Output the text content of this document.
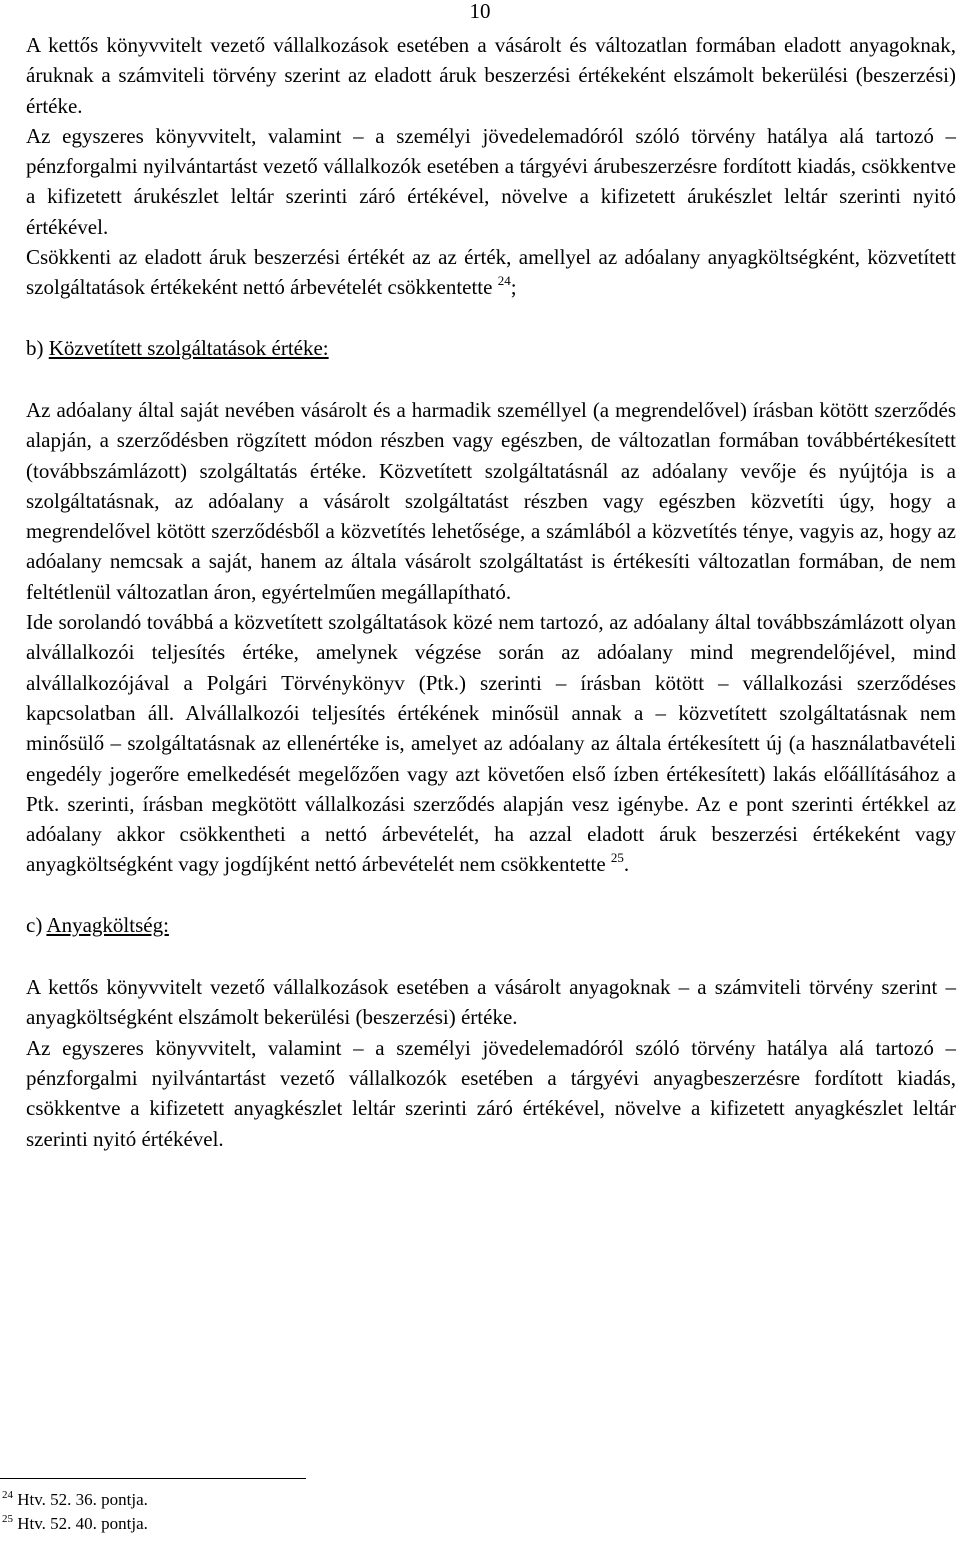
10

A kettős könyvvitelt vezető vállalkozások esetében a vásárolt és változatlan formában eladott anyagoknak, áruknak a számviteli törvény szerint az eladott áruk beszerzési értékeként elszámolt bekerülési (beszerzési) értéke.

Az egyszeres könyvvitelt, valamint – a személyi jövedelemadóról szóló törvény hatálya alá tartozó – pénzforgalmi nyilvántartást vezető vállalkozók esetében a tárgyévi árubeszerzésre fordított kiadás, csökkentve a kifizetett árukészlet leltár szerinti záró értékével, növelve a kifizetett árukészlet leltár szerinti nyitó értékével.

Csökkenti az eladott áruk beszerzési értékét az az érték, amellyel az adóalany anyagköltségként, közvetített szolgáltatások értékeként nettó árbevételét csökkentette $^{24}$;

b) Közvetített szolgáltatások értéke:

Az adóalany által saját nevében vásárolt és a harmadik személlyel (a megrendelővel) írásban kötött szerződés alapján, a szerződésben rögzített módon részben vagy egészben, de változatlan formában továbbértékesített (továbbszámlázott) szolgáltatás értéke. Közvetített szolgáltatásnál az adóalany vevője és nyújtója is a szolgáltatásnak, az adóalany a vásárolt szolgáltatást részben vagy egészben közvetíti úgy, hogy a megrendelővel kötött szerződésből a közvetítés lehetősége, a számlából a közvetítés ténye, vagyis az, hogy az adóalany nemcsak a saját, hanem az általa vásárolt szolgáltatást is értékesíti változatlan formában, de nem feltétlenül változatlan áron, egyértelműen megállapítható.

Ide sorolandó továbbá a közvetített szolgáltatások közé nem tartozó, az adóalany által továbbszámlázott olyan alvállalkozói teljesítés értéke, amelynek végzése során az adóalany mind megrendelőjével, mind alvállalkozójával a Polgári Törvénykönyv (Ptk.) szerinti – írásban kötött – vállalkozási szerződéses kapcsolatban áll. Alvállalkozói teljesítés értékének minősül annak a – közvetített szolgáltatásnak nem minősülő – szolgáltatásnak az ellenértéke is, amelyet az adóalany az általa értékesített új (a használatbavételi engedély jogerőre emelkedését megelőzően vagy azt követően első ízben értékesített) lakás előállításához a Ptk. szerinti, írásban megkötött vállalkozási szerződés alapján vesz igénybe. Az e pont szerinti értékkel az adóalany akkor csökkentheti a nettó árbevételét, ha azzal eladott áruk beszerzési értékeként vagy anyagköltségként vagy jogdíjként nettó árbevételét nem csökkentette $^{25}$.

c) Anyagköltség:

A kettős könyvvitelt vezető vállalkozások esetében a vásárolt anyagoknak – a számviteli törvény szerint – anyagköltségként elszámolt bekerülési (beszerzési) értéke.

Az egyszeres könyvvitelt, valamint – a személyi jövedelemadóról szóló törvény hatálya alá tartozó – pénzforgalmi nyilvántartást vezető vállalkozók esetében a tárgyévi anyagbeszerzésre fordított kiadás, csökkentve a kifizetett anyagkészlet leltár szerinti záró értékével, növelve a kifizetett anyagkészlet leltár szerinti nyitó értékével.

$^{24}$ Htv. 52. 36. pontja.
$^{25}$ Htv. 52. 40. pontja.
